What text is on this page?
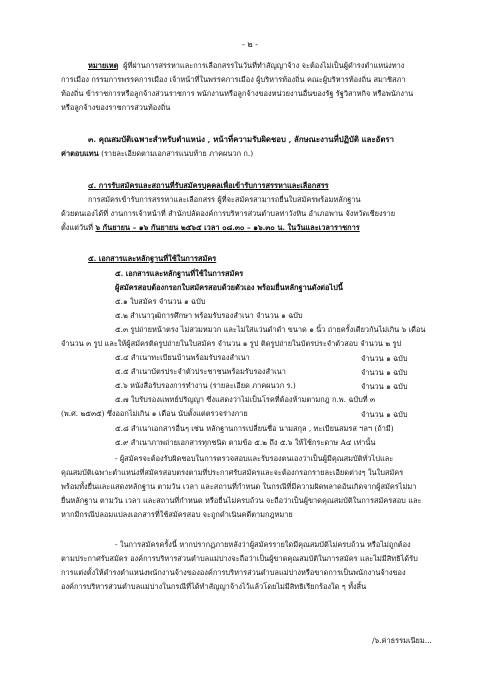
- ๒ -
หมายเหตุ ผู้ที่ผ่านการสรรหาและการเลือกสรรในวันที่ทำสัญญาจ้าง จะต้องไม่เป็นผู้ดำรงตำแหน่งทาง
การเมือง กรรมการพรรคการเมือง เจ้าหน้าที่ในพรรคการเมือง ผู้บริหารท้องถิ่น คณะผู้บริหารท้องถิ่น สมาชิสภา
ท้องถิ่น ข้าราชการหรือลูกจ้างส่วนราชการ พนักงานหรือลูกจ้างของหน่วยงานอื่นของรัฐ รัฐวิสาหกิจ หรือพนักงาน
หรือลูกจ้างของราชการส่วนท้องถิ่น
๓. คุณสมบัติเฉพาะสำหรับตำแหน่ง , หน้าที่ความรับผิดชอบ , ลักษณะงานที่ปฏิบัติ และอัตรา
ค่าตอบแทน (รายละเอียดตามเอกสารแนบท้าย ภาคผนวก ก.)
๔. การรับสมัครและสถานที่รับสมัครบุคคลเพื่อเข้ารับการสรรหาและเลือกสรร
การสมัครเข้ารับการสรรหาและเลือกสรร ผู้ที่จะสมัครสามารถยื่นใบสมัครพร้อมหลักฐาน
ด้วยตนเองได้ที่ งานการเจ้าหน้าที่ สำนักปลัดองค์การบริหารส่วนตำบลท่าวังหิน อำเภอพาน จังหวัดเชียงราย
ตั้งแต่วันที่ ๖ กันยายน – ๑๖ กันยายน ๒๕๖๕ เวลา ๐๘.๓๐ – ๑๖.๓๐ น. ในวันและเวลาราชการ
๕. เอกสารและหลักฐานที่ใช้ในการสมัคร
๕. เอกสารและหลักฐานที่ใช้ในการสมัคร
ผู้สมัครสอบต้องกรอกใบสมัครสอบด้วยตัวเอง พร้อมยื่นหลักฐานดังต่อไปนี้
๕.๑ ใบสมัคร จำนวน ๑ ฉบับ
๕.๒ สำเนาวุฒิการศึกษา พร้อมรับรองสำเนา จำนวน ๑ ฉบับ
๕.๓ รูปถ่ายหน้าตรง ไม่สวมหมวก และไม่ใส่แว่นดำดำ ขนาด ๑ นิ้ว ถ่ายครั้งเดียวกันไม่เกิน ๖ เดือน
จำนวน ๓ รูป และให้ผู้สมัครติดรูปถ่ายในใบสมัคร จำนวน ๑ รูป ติดรูปถ่ายในบัตรประจำตัวสอบ จำนวน ๒ รูป
๕.๔ สำเนาทะเบียนบ้านพร้อมรับรองสำเนา	จำนวน ๑ ฉบับ
๕.๕ สำเนาบัตรประจำตัวประชาชนพร้อมรับรองสำเนา	จำนวน ๑ ฉบับ
๕.๖ หนังสือรับรองการทำงาน (รายละเอียด ภาคผนวก ร.)	จำนวน ๑ ฉบับ
๕.๗ ใบรับรองแพทย์ปริญญา ซึ่งแสดงว่าไม่เป็นโรคที่ต้องห้ามตามกฎ ก.พ. ฉบับที่ ๓
(พ.ศ. ๒๕๓๕) ซึ่งออกไม่เกิน ๑ เดือน นับตั้งแต่ตรวจร่างกาย	จำนวน ๑ ฉบับ
๕.๘ สำเนาเอกสารอื่นๆ เช่น หลักฐานการเปลี่ยนชื่อ นามสกุล , ทะเบียนสมรส ฯลฯ (ถ้ามี)
๕.๙ สำเนาภาพถ่ายเอกสารทุกชนิด ตามข้อ ๕.๒ ถึง ๕.๖ ให้ใช้กระดาษ A๔ เท่านั้น
- ผู้สมัครจะต้องรับผิดชอบในการตรวจสอบและรับรองตนเองว่าเป็นผู้มีคุณสมบัติทั่วไปและ
คุณสมบัติเฉพาะตำแหน่งที่สมัครสอบตรงตามที่ประกาศรับสมัครและจะต้องกรอกรายละเอียดต่างๆ ในใบสมัคร
พร้อมทั้งยื่นและแสดงหลักฐาน ตามวัน เวลา และสถานที่กำหนด ในกรณีที่มีความผิดพลาดอันเกิดจากผู้สมัครไม่มา
ยื่นหลักฐาน ตามวัน เวลา และสถานที่กำหนด หรือยื่นไม่ครบถ้วน จะถือว่าเป็นผู้ขาดคุณสมบัติในการสมัครสอบ และ
หากมีกรณีปลอมแปลงเอกสารที่ใช้สมัครสอบ จะถูกดำเนินคดีตามกฎหมาย
- ในการสมัครครั้งนี้ หากปรากฏภายหลังว่าผู้สมัครรายใดมีคุณสมบัติไม่ครบถ้วน หรือไม่ถูกต้อง
ตามประกาศรับสมัคร องค์การบริหารส่วนตำบลแม่ปางจะถือว่าเป็นผู้ขาดคุณสมบัติในการสมัคร และไม่มีสิทธิได้รับ
การแต่งตั้งให้ดำรงตำแหน่งพนักงานจ้างขององค์การบริหารส่วนตำบลแม่ปางหรือขาดการเป็นพนักงานจ้างของ
องค์การบริหารส่วนตำบลแม่ปางในกรณีที่ได้ทำสัญญาจ้างไว้แล้วโดยไม่มีสิทธิเรียกร้องใด ๆ ทั้งสิ้น
/๖.ค่าธรรมเนียม...
